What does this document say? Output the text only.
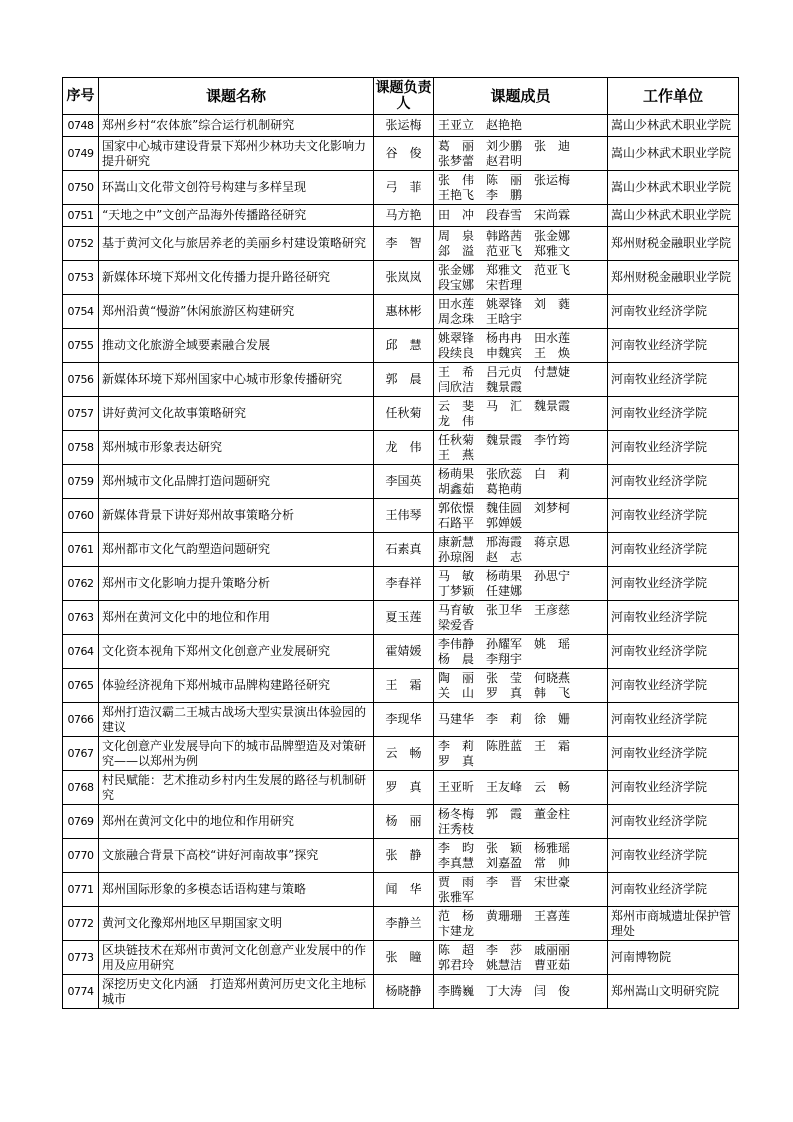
序号	课题名称	课题负责人	课题成员	工作单位
0748	郑州乡村“农体旅”综合运行机制研究	张运梅	王亚立　赵艳艳	嵩山少林武术职业学院
0749	国家中心城市建设背景下郑州少林功夫文化影响力提升研究	谷　俊	葛　丽　刘少鹏　张　迪
张梦蕾　赵君明	嵩山少林武术职业学院
0750	环嵩山文化带文创符号构建与多样呈现	弓　菲	张　伟　陈　丽　张运梅
王艳飞　李　鹏	嵩山少林武术职业学院
0751	“天地之中”文创产品海外传播路径研究	马方艳	田　冲　段春雪　宋尚霖	嵩山少林武术职业学院
0752	基于黄河文化与旅居养老的美丽乡村建设策略研究	李　智	周　泉　韩路茜　张金娜
郐　溢　范亚飞　郑雅文	郑州财税金融职业学院
0753	新媒体环境下郑州文化传播力提升路径研究	张岚岚	张金娜　郑雅文　范亚飞
段宝娜　宋哲理	郑州财税金融职业学院
0754	郑州沿黄“慢游”休闲旅游区构建研究	惠林彬	田水莲　姚翠锋　刘　蕤
周念珠　王晗宇	河南牧业经济学院
0755	推动文化旅游全域要素融合发展	邱　慧	姚翠锋　杨冉冉　田水莲
段续良　申魏宾　王　焕	河南牧业经济学院
0756	新媒体环境下郑州国家中心城市形象传播研究	郭　晨	王　希　吕元贞　付慧婕
闫欣洁　魏景霞	河南牧业经济学院
0757	讲好黄河文化故事策略研究	任秋菊	云　斐　马　汇　魏景霞
龙　伟	河南牧业经济学院
0758	郑州城市形象表达研究	龙　伟	任秋菊　魏景霞　李竹筠
王　燕	河南牧业经济学院
0759	郑州城市文化品牌打造问题研究	李国英	杨萌果　张欣蕊　白　莉
胡鑫茹　葛艳萌	河南牧业经济学院
0760	新媒体背景下讲好郑州故事策略分析	王伟琴	郭依憬　魏佳圆　刘梦柯
石路平　郭婵媛	河南牧业经济学院
0761	郑州都市文化气韵塑造问题研究	石素真	康新慧　邢海霞　蒋京恩
孙琼阁　赵　志	河南牧业经济学院
0762	郑州市文化影响力提升策略分析	李春祥	马　敏　杨萌果　孙思宁
丁梦颖　任建娜	河南牧业经济学院
0763	郑州在黄河文化中的地位和作用	夏玉莲	马育敏　张卫华　王彦慈
梁爱香	河南牧业经济学院
0764	文化资本视角下郑州文化创意产业发展研究	霍婧媛	李伟静　孙耀军　姚　瑶
杨　晨　李翔宇	河南牧业经济学院
0765	体验经济视角下郑州城市品牌构建路径研究	王　霜	陶　丽　张　莹　何晓燕
关　山　罗　真　韩　飞	河南牧业经济学院
0766	郑州打造汉霸二王城古战场大型实景演出体验园的建议	李现华	马建华　李　莉　徐　姗	河南牧业经济学院
0767	文化创意产业发展导向下的城市品牌塑造及对策研究——以郑州为例	云　畅	李　莉　陈胜蓝　王　霜
罗　真	河南牧业经济学院
0768	村民赋能：艺术推动乡村内生发展的路径与机制研究	罗　真	王亚昕　王友峰　云　畅	河南牧业经济学院
0769	郑州在黄河文化中的地位和作用研究	杨　丽	杨冬梅　郭　霞　董金柱
汪秀枝	河南牧业经济学院
0770	文旅融合背景下高校“讲好河南故事”探究	张　静	李　昀　张　颖　杨雅瑶
李真慧　刘嘉盈　常　帅	河南牧业经济学院
0771	郑州国际形象的多模态话语构建与策略	闻　华	贾　雨　李　晋　宋世豪
张雅军	河南牧业经济学院
0772	黄河文化豫郑州地区早期国家文明	李静兰	范　杨　黄珊珊　王喜莲
卞建龙	郑州市商城遗址保护管理处
0773	区块链技术在郑州市黄河文化创意产业发展中的作用及应用研究	张　瞳	陈　超　李　莎　戚丽丽
郭君玲　姚慧洁　曹亚茹	河南博物院
0774	深挖历史文化内涵　打造郑州黄河历史文化主地标城市	杨晓静	李腾巍　丁大涛　闫　俊	郑州嵩山文明研究院
